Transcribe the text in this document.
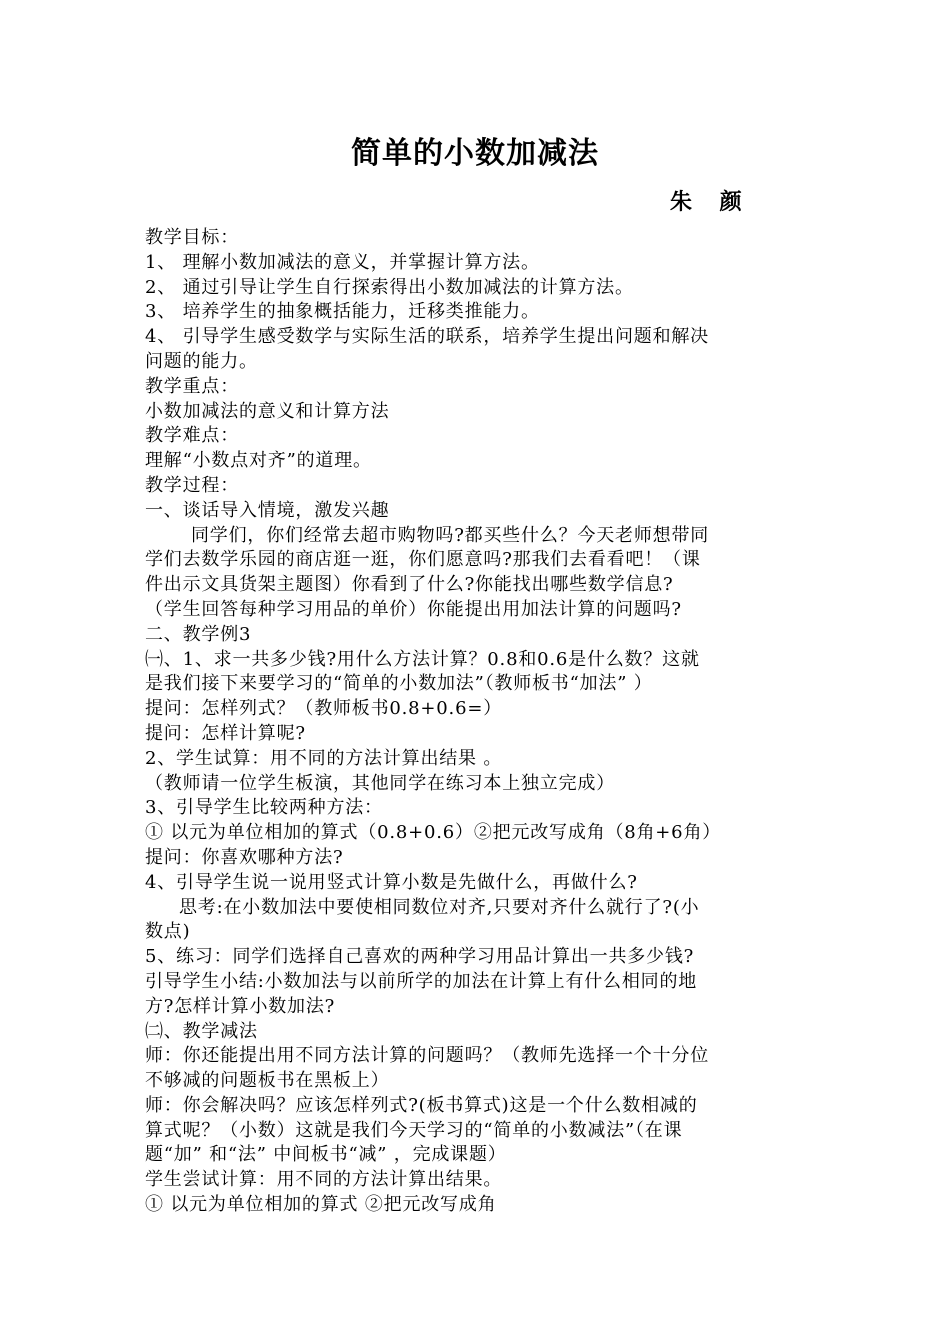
简单的小数加减法
朱 颜
教学目标：
1、 理解小数加减法的意义，并掌握计算方法。
2、 通过引导让学生自行探索得出小数加减法的计算方法。
3、 培养学生的抽象概括能力，迁移类推能力。
4、 引导学生感受数学与实际生活的联系，培养学生提出问题和解决
问题的能力。
教学重点：
小数加减法的意义和计算方法
教学难点：
理解“小数点对齐”的道理。
教学过程：
一、谈话导入情境，激发兴趣
同学们，你们经常去超市购物吗?都买些什么？今天老师想带同
学们去数学乐园的商店逛一逛，你们愿意吗?那我们去看看吧！（课
件出示文具货架主题图）你看到了什么?你能找出哪些数学信息?
（学生回答每种学习用品的单价）你能提出用加法计算的问题吗?
二、教学例3
㈠、1、求一共多少钱?用什么方法计算？0.8和0.6是什么数？这就
是我们接下来要学习的“简单的小数加法”（教师板书“加法” ）
提问：怎样列式？（教师板书0.8+0.6=）
提问：怎样计算呢?
2、学生试算：用不同的方法计算出结果 。
（教师请一位学生板演，其他同学在练习本上独立完成）
3、引导学生比较两种方法：
① 以元为单位相加的算式（0.8+0.6）②把元改写成角（8角+6角）
提问：你喜欢哪种方法?
4、引导学生说一说用竖式计算小数是先做什么，再做什么?
思考:在小数加法中要使相同数位对齐,只要对齐什么就行了?(小
数点)
5、练习：同学们选择自己喜欢的两种学习用品计算出一共多少钱?
引导学生小结:小数加法与以前所学的加法在计算上有什么相同的地
方?怎样计算小数加法?
㈡、教学减法
师：你还能提出用不同方法计算的问题吗？（教师先选择一个十分位
不够减的问题板书在黑板上）
师：你会解决吗？应该怎样列式?(板书算式)这是一个什么数相减的
算式呢？（小数）这就是我们今天学习的“简单的小数减法”（在课
题“加” 和“法” 中间板书“减” ，完成课题）
学生尝试计算：用不同的方法计算出结果。
① 以元为单位相加的算式 ②把元改写成角
